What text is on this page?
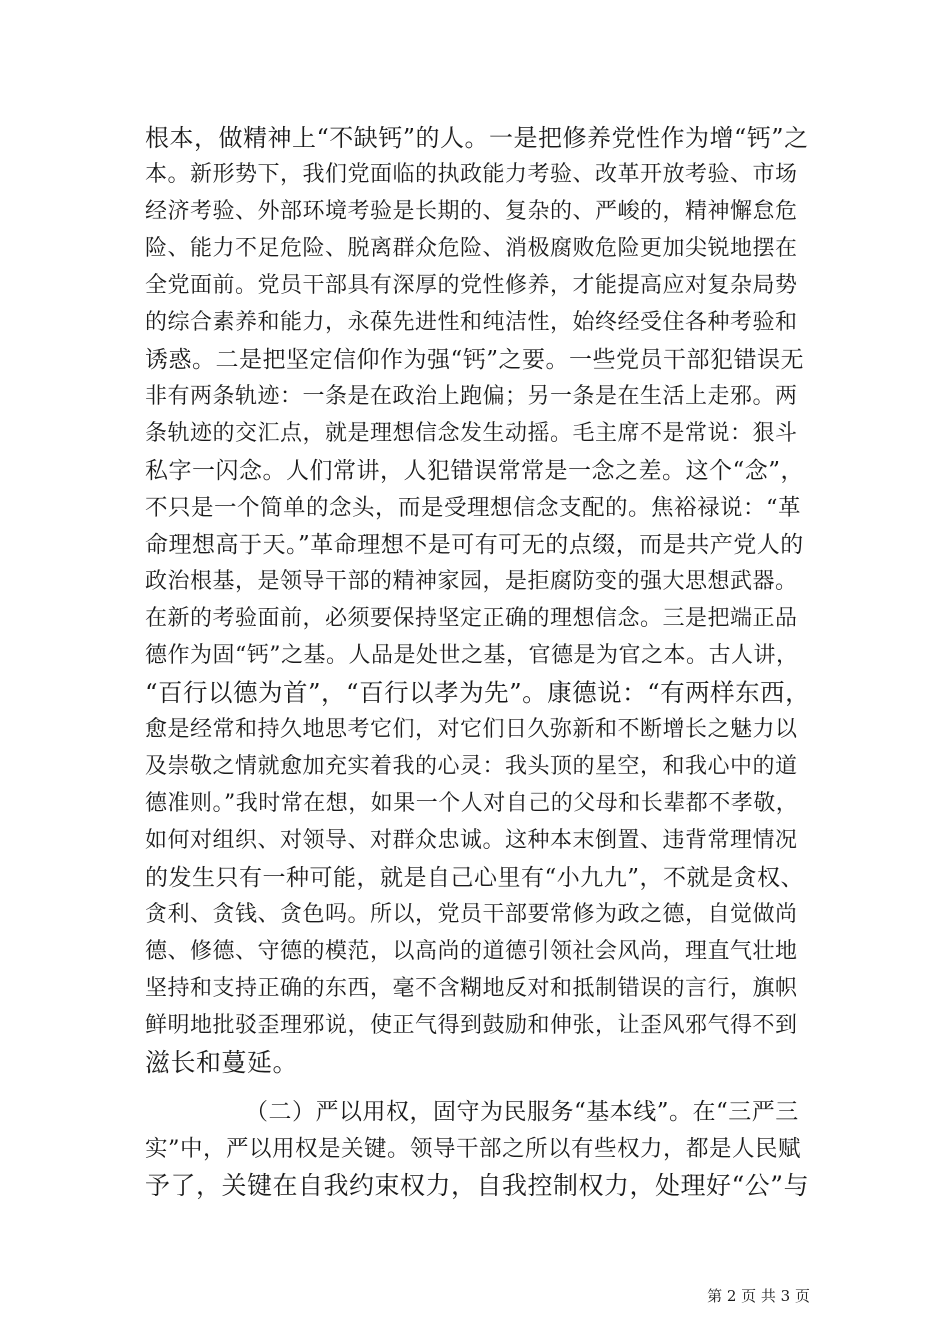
根本，做精神上“不缺钙”的人。一是把修养党性作为增“钙”之
本。新形势下，我们党面临的执政能力考验、改革开放考验、市场
经济考验、外部环境考验是长期的、复杂的、严峻的，精神懈怠危
险、能力不足危险、脱离群众危险、消极腐败危险更加尖锐地摆在
全党面前。党员干部具有深厚的党性修养，才能提高应对复杂局势
的综合素养和能力，永葆先进性和纯洁性，始终经受住各种考验和
诱惑。二是把坚定信仰作为强“钙”之要。一些党员干部犯错误无
非有两条轨迹：一条是在政治上跑偏；另一条是在生活上走邪。两
条轨迹的交汇点，就是理想信念发生动摇。毛主席不是常说：狠斗
私字一闪念。人们常讲，人犯错误常常是一念之差。这个“念”，
不只是一个简单的念头，而是受理想信念支配的。焦裕禄说：“革
命理想高于天。”革命理想不是可有可无的点缀，而是共产党人的
政治根基，是领导干部的精神家园，是拒腐防变的强大思想武器。
在新的考验面前，必须要保持坚定正确的理想信念。三是把端正品
德作为固“钙”之基。人品是处世之基，官德是为官之本。古人讲，
“百行以德为首”，“百行以孝为先”。康德说：“有两样东西，
愈是经常和持久地思考它们，对它们日久弥新和不断增长之魅力以
及崇敬之情就愈加充实着我的心灵：我头顶的星空，和我心中的道
德准则。”我时常在想，如果一个人对自己的父母和长辈都不孝敬，
如何对组织、对领导、对群众忠诚。这种本末倒置、违背常理情况
的发生只有一种可能，就是自己心里有“小九九”，不就是贪权、
贪利、贪钱、贪色吗。所以，党员干部要常修为政之德，自觉做尚
德、修德、守德的模范，以高尚的道德引领社会风尚，理直气壮地
坚持和支持正确的东西，毫不含糊地反对和抵制错误的言行，旗帜
鲜明地批驳歪理邪说，使正气得到鼓励和伸张，让歪风邪气得不到
滋长和蔓延。
（二）严以用权，固守为民服务“基本线”。在“三严三
实”中，严以用权是关键。领导干部之所以有些权力，都是人民赋
予了，关键在自我约束权力，自我控制权力，处理好“公”与
第 2 页 共 3 页
